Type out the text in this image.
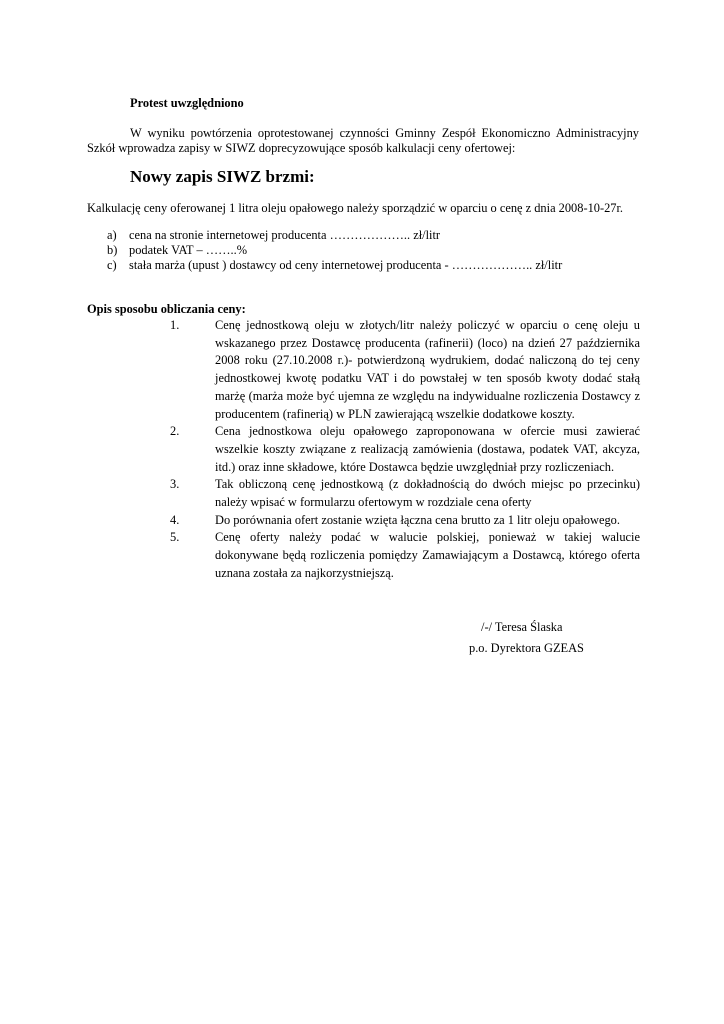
Protest uwzględniono
W wyniku powtórzenia oprotestowanej czynności Gminny Zespół Ekonomiczno Administracyjny Szkół wprowadza zapisy w SIWZ doprecyzowujące sposób kalkulacji ceny ofertowej:
Nowy zapis SIWZ brzmi:
Kalkulację ceny oferowanej 1 litra oleju opałowego należy sporządzić w oparciu o cenę z dnia 2008-10-27r.
a) cena na stronie internetowej producenta ……………….. zł/litr
b) podatek VAT – ……..%
c) stała marża (upust ) dostawcy od ceny internetowej producenta - ……………….. zł/litr
Opis sposobu obliczania ceny:
1.	Cenę jednostkową oleju w złotych/litr należy policzyć w oparciu o cenę oleju u wskazanego przez Dostawcę producenta (rafinerii) (loco) na dzień 27 października 2008 roku (27.10.2008 r.)- potwierdzoną wydrukiem, dodać naliczoną do tej ceny jednostkowej kwotę podatku VAT i do powstałej w ten sposób kwoty dodać stałą marżę (marża może być ujemna ze względu na indywidualne rozliczenia Dostawcy z producentem (rafinerią) w PLN zawierającą wszelkie dodatkowe koszty.
2.	Cena jednostkowa oleju opałowego zaproponowana w ofercie musi zawierać wszelkie koszty związane z realizacją zamówienia (dostawa, podatek VAT, akcyza, itd.) oraz inne składowe, które Dostawca będzie uwzględniał przy rozliczeniach.
3.	Tak obliczoną cenę jednostkową (z dokładnością do dwóch miejsc po przecinku) należy wpisać w formularzu ofertowym w rozdziale cena oferty
4.	Do porównania ofert zostanie wzięta łączna cena brutto za 1 litr oleju opałowego.
5.	Cenę oferty należy podać w walucie polskiej, ponieważ w takiej walucie dokonywane będą rozliczenia pomiędzy Zamawiającym a Dostawcą, którego oferta uznana została za najkorzystniejszą.
/-/ Teresa Ślaska
p.o. Dyrektora GZEAS
